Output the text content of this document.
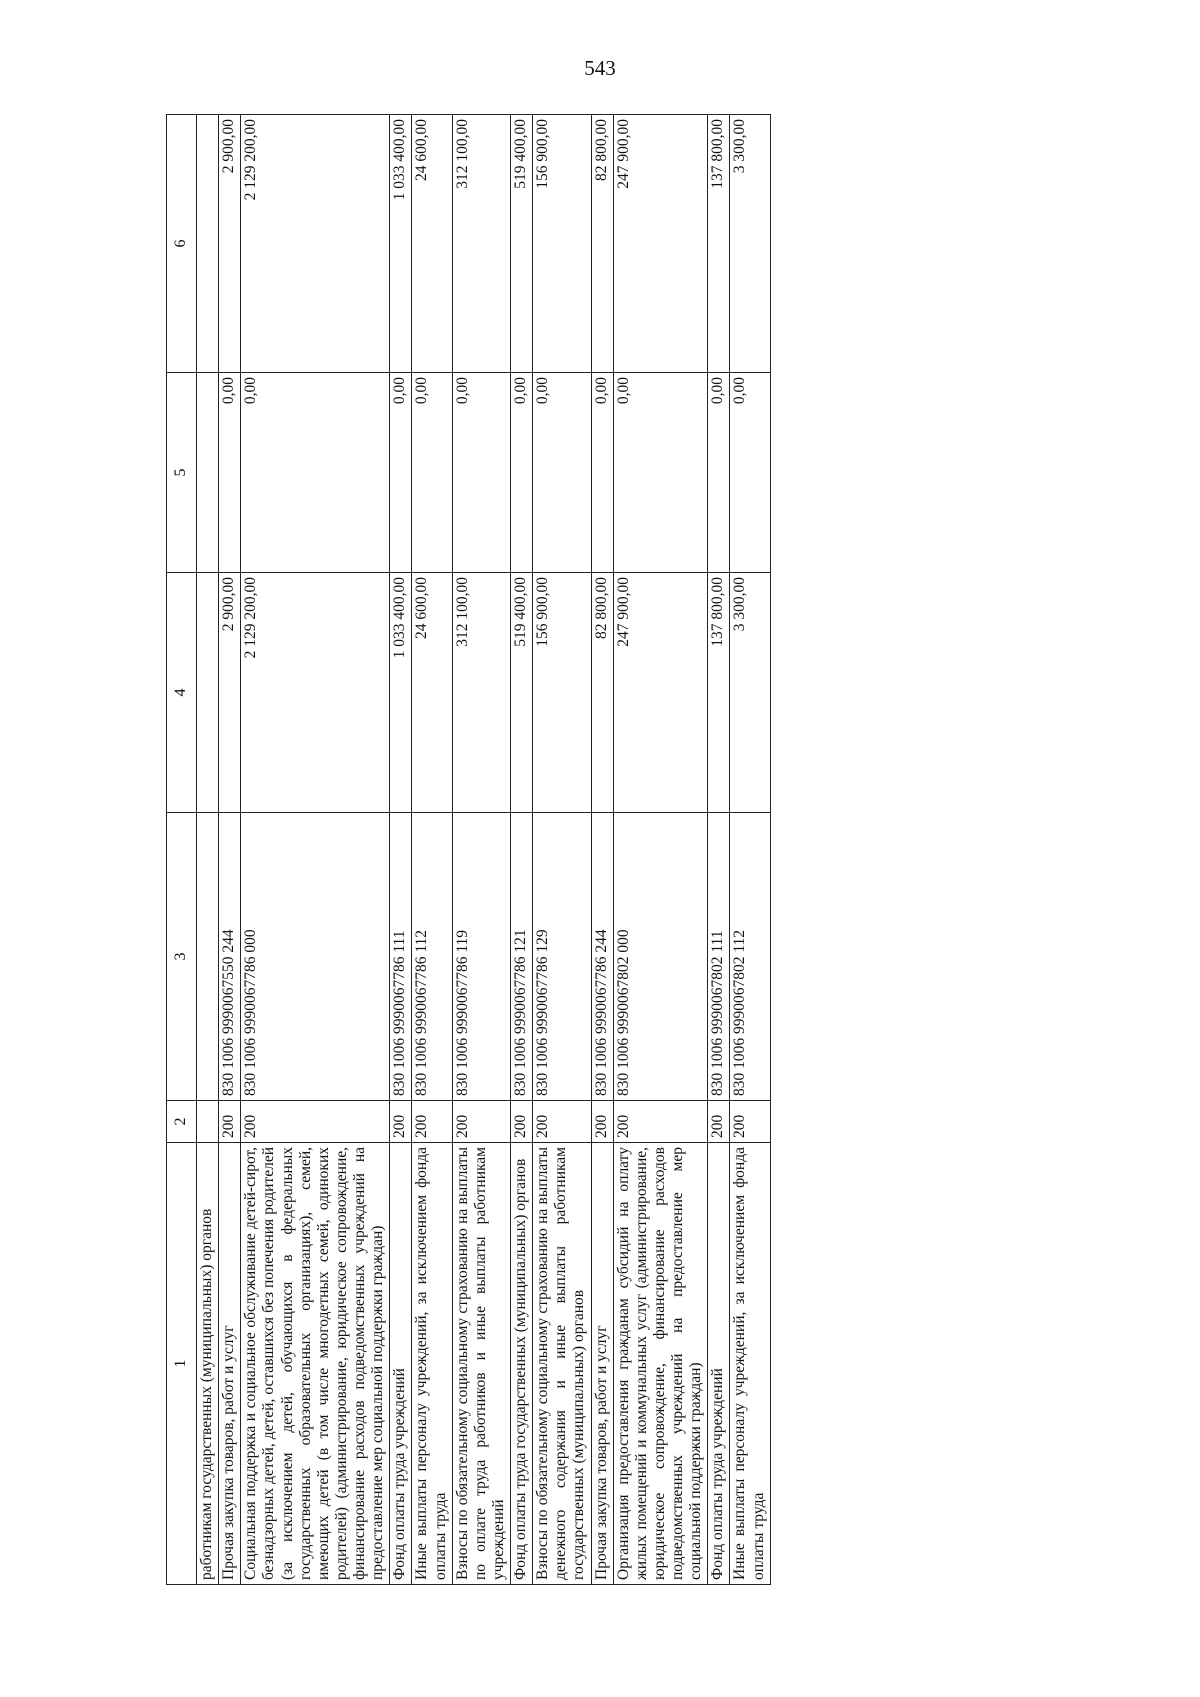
543
1	2	3	4	5	6
работникам государственных (муниципальных) органов					
Прочая закупка товаров, работ и услуг	200	830 1006 9990067550 244	2 900,00	0,00	2 900,00
Социальная поддержка и социальное обслуживание детей-сирот, безнадзорных детей, детей, оставшихся без попечения родителей (за исключением детей, обучающихся в федеральных государственных образовательных организациях), семей, имеющих детей (в том числе многодетных семей, одиноких родителей) (администрирование, юридическое сопровождение, финансирование расходов подведомственных учреждений на предоставление мер социальной поддержки граждан)	200	830 1006 9990067786 000	2 129 200,00	0,00	2 129 200,00
Фонд оплаты труда учреждений	200	830 1006 9990067786 111	1 033 400,00	0,00	1 033 400,00
Иные выплаты персоналу учреждений, за исключением фонда оплаты труда	200	830 1006 9990067786 112	24 600,00	0,00	24 600,00
Взносы по обязательному социальному страхованию на выплаты по оплате труда работников и иные выплаты работникам учреждений	200	830 1006 9990067786 119	312 100,00	0,00	312 100,00
Фонд оплаты труда государственных (муниципальных) органов	200	830 1006 9990067786 121	519 400,00	0,00	519 400,00
Взносы по обязательному социальному страхованию на выплаты денежного содержания и иные выплаты работникам государственных (муниципальных) органов	200	830 1006 9990067786 129	156 900,00	0,00	156 900,00
Прочая закупка товаров, работ и услуг	200	830 1006 9990067786 244	82 800,00	0,00	82 800,00
Организация предоставления гражданам субсидий на оплату жилых помещений и коммунальных услуг (администрирование, юридическое сопровождение, финансирование расходов подведомственных учреждений на предоставление мер социальной поддержки граждан)	200	830 1006 9990067802 000	247 900,00	0,00	247 900,00
Фонд оплаты труда учреждений	200	830 1006 9990067802 111	137 800,00	0,00	137 800,00
Иные выплаты персоналу учреждений, за исключением фонда оплаты труда	200	830 1006 9990067802 112	3 300,00	0,00	3 300,00
